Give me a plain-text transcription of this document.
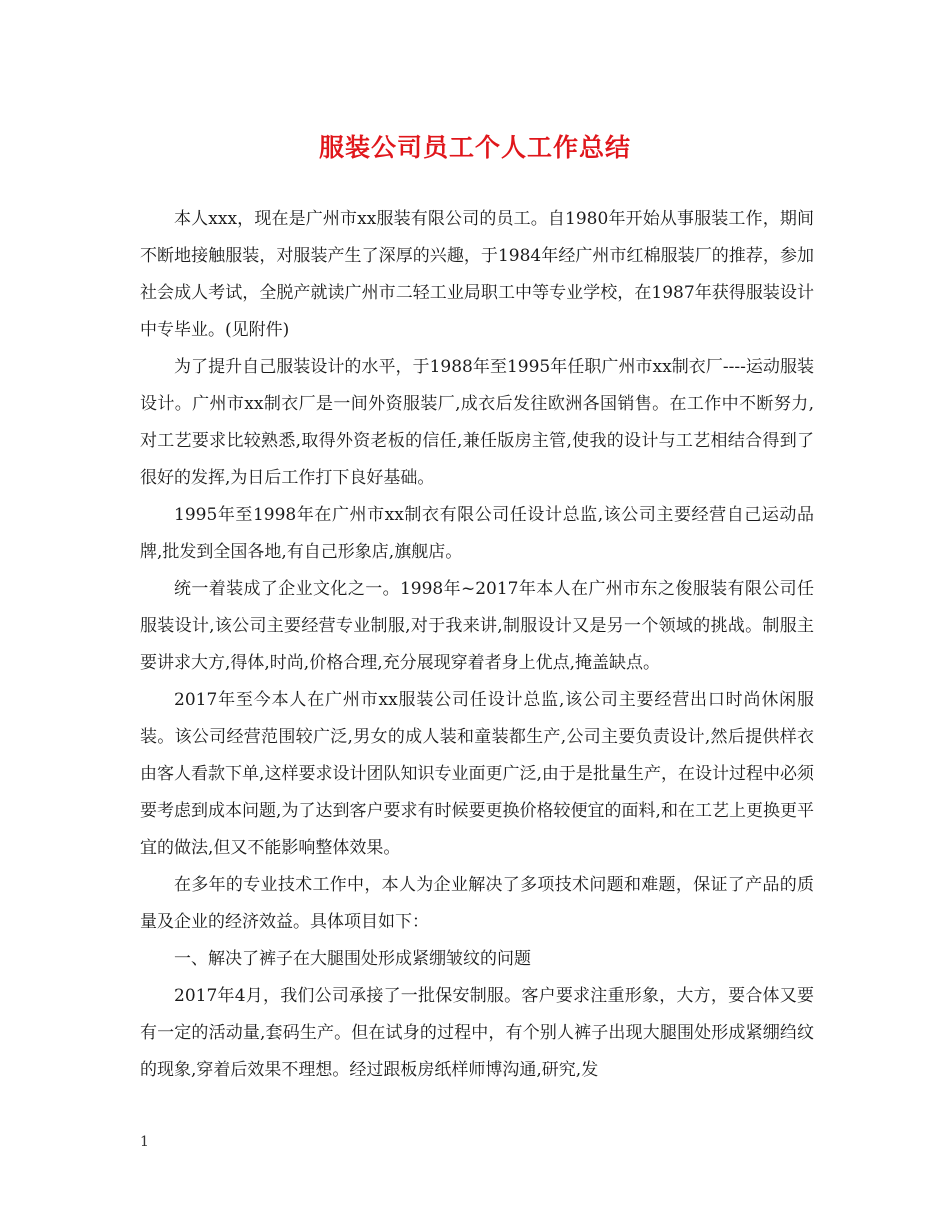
服装公司员工个人工作总结

本人xxx，现在是广州市xx服装有限公司的员工。自1980年开始从事服装工作，期间不断地接触服装，对服装产生了深厚的兴趣，于1984年经广州市红棉服装厂的推荐，参加社会成人考试，全脱产就读广州市二轻工业局职工中等专业学校，在1987年获得服装设计中专毕业。(见附件)

为了提升自己服装设计的水平，于1988年至1995年任职广州市xx制衣厂----运动服装设计。广州市xx制衣厂是一间外资服装厂,成衣后发往欧洲各国销售。在工作中不断努力,对工艺要求比较熟悉,取得外资老板的信任,兼任版房主管,使我的设计与工艺相结合得到了很好的发挥,为日后工作打下良好基础。

1995年至1998年在广州市xx制衣有限公司任设计总监,该公司主要经营自己运动品牌,批发到全国各地,有自己形象店,旗舰店。

统一着装成了企业文化之一。1998年~2017年本人在广州市东之俊服装有限公司任服装设计,该公司主要经营专业制服,对于我来讲,制服设计又是另一个领域的挑战。制服主要讲求大方,得体,时尚,价格合理,充分展现穿着者身上优点,掩盖缺点。

2017年至今本人在广州市xx服装公司任设计总监,该公司主要经营出口时尚休闲服装。该公司经营范围较广泛,男女的成人装和童装都生产,公司主要负责设计,然后提供样衣由客人看款下单,这样要求设计团队知识专业面更广泛,由于是批量生产，在设计过程中必须要考虑到成本问题,为了达到客户要求有时候要更换价格较便宜的面料,和在工艺上更换更平宜的做法,但又不能影响整体效果。

在多年的专业技术工作中，本人为企业解决了多项技术问题和难题，保证了产品的质量及企业的经济效益。具体项目如下：

一、解决了裤子在大腿围处形成紧绷皱纹的问题

2017年4月，我们公司承接了一批保安制服。客户要求注重形象，大方，要合体又要有一定的活动量,套码生产。但在试身的过程中，有个别人裤子出现大腿围处形成紧绷绉纹的现象,穿着后效果不理想。经过跟板房纸样师博沟通,研究,发

1
